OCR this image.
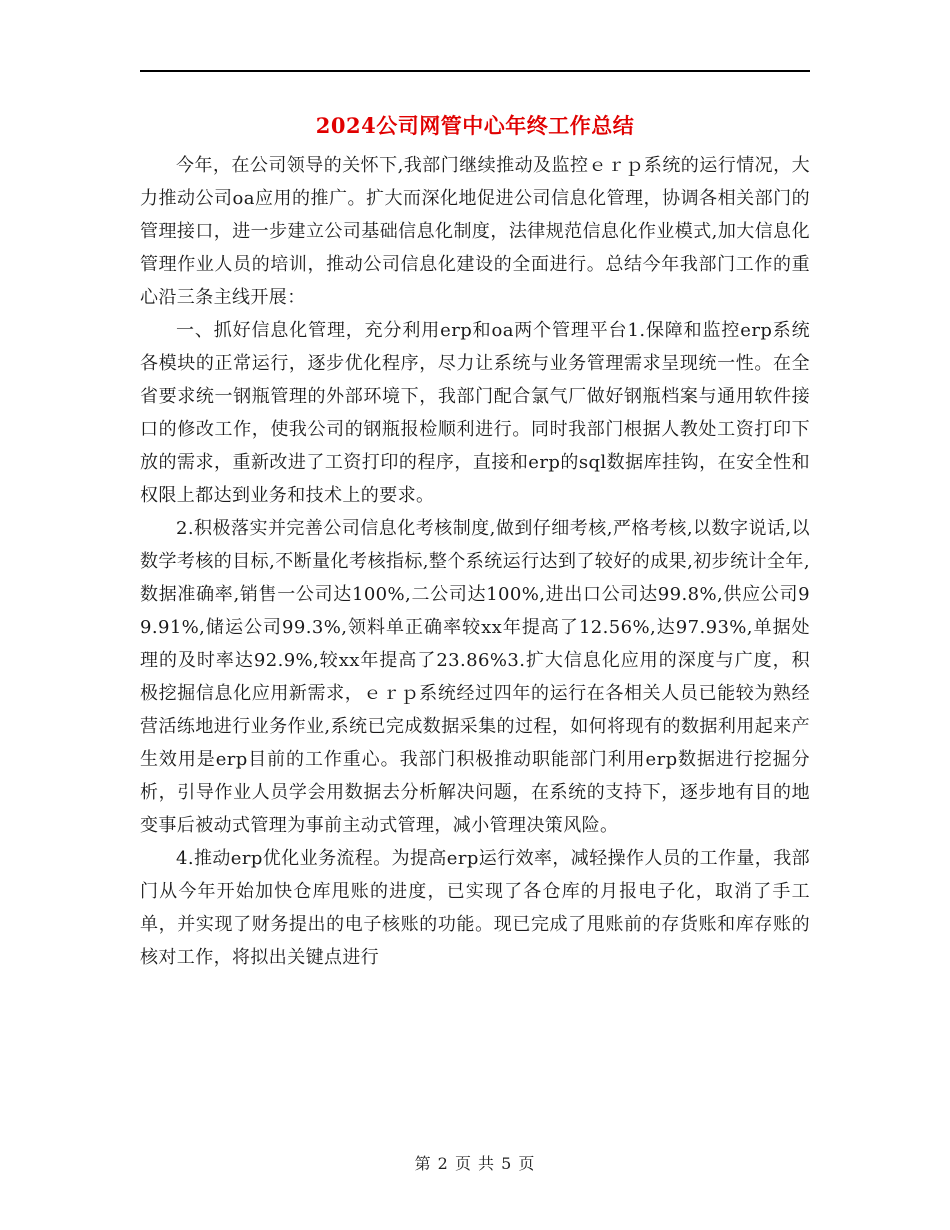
2024公司网管中心年终工作总结

今年，在公司领导的关怀下,我部门继续推动及监控ｅｒｐ系统的运行情况，大力推动公司oa应用的推广。扩大而深化地促进公司信息化管理，协调各相关部门的管理接口，进一步建立公司基础信息化制度，法律规范信息化作业模式,加大信息化管理作业人员的培训，推动公司信息化建设的全面进行。总结今年我部门工作的重心沿三条主线开展：

一、抓好信息化管理，充分利用erp和oa两个管理平台1.保障和监控erp系统各模块的正常运行，逐步优化程序，尽力让系统与业务管理需求呈现统一性。在全省要求统一钢瓶管理的外部环境下，我部门配合氯气厂做好钢瓶档案与通用软件接口的修改工作，使我公司的钢瓶报检顺利进行。同时我部门根据人教处工资打印下放的需求，重新改进了工资打印的程序，直接和erp的sql数据库挂钩，在安全性和权限上都达到业务和技术上的要求。

2.积极落实并完善公司信息化考核制度,做到仔细考核,严格考核,以数字说话,以数学考核的目标,不断量化考核指标,整个系统运行达到了较好的成果,初步统计全年,数据准确率,销售一公司达100%,二公司达100%,进出口公司达99.8%,供应公司99.91%,储运公司99.3%,领料单正确率较xx年提高了12.56%,达97.93%,单据处理的及时率达92.9%,较xx年提高了23.86%3.扩大信息化应用的深度与广度，积极挖掘信息化应用新需求，ｅｒｐ系统经过四年的运行在各相关人员已能较为熟经营活练地进行业务作业,系统已完成数据采集的过程，如何将现有的数据利用起来产生效用是erp目前的工作重心。我部门积极推动职能部门利用erp数据进行挖掘分析，引导作业人员学会用数据去分析解决问题，在系统的支持下，逐步地有目的地变事后被动式管理为事前主动式管理，减小管理决策风险。

4.推动erp优化业务流程。为提高erp运行效率，减轻操作人员的工作量，我部门从今年开始加快仓库甩账的进度，已实现了各仓库的月报电子化，取消了手工单，并实现了财务提出的电子核账的功能。现已完成了甩账前的存货账和库存账的核对工作，将拟出关键点进行

第 2 页 共 5 页
